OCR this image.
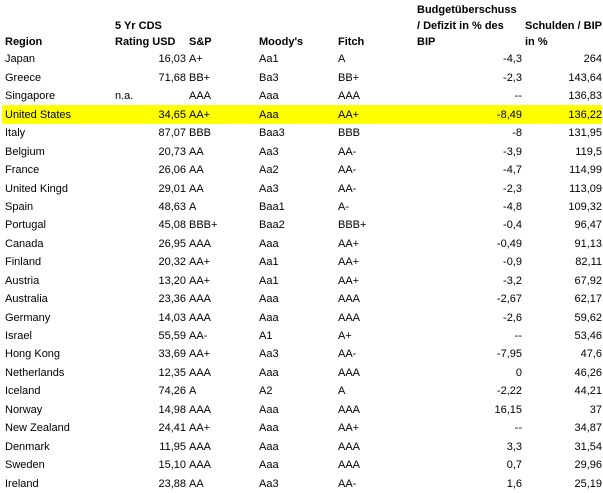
Region	5 Yr CDS Rating USD	S&P	Moody's	Fitch	Budgetüberschuss / Defizit in % des BIP	Schulden / BIP in %
Japan	16,03	A+	Aa1	A	-4,3	264
Greece	71,68	BB+	Ba3	BB+	-2,3	143,64
Singapore	n.a.	AAA	Aaa	AAA	--	136,83
United States	34,65	AA+	Aaa	AA+	-8,49	136,22
Italy	87,07	BBB	Baa3	BBB	-8	131,95
Belgium	20,73	AA	Aa3	AA-	-3,9	119,5
France	26,06	AA	Aa2	AA-	-4,7	114,99
United Kingd	29,01	AA	Aa3	AA-	-2,3	113,09
Spain	48,63	A	Baa1	A-	-4,8	109,32
Portugal	45,08	BBB+	Baa2	BBB+	-0,4	96,47
Canada	26,95	AAA	Aaa	AA+	-0,49	91,13
Finland	20,32	AA+	Aa1	AA+	-0,9	82,11
Austria	13,20	AA+	Aa1	AA+	-3,2	67,92
Australia	23,36	AAA	Aaa	AAA	-2,67	62,17
Germany	14,03	AAA	Aaa	AAA	-2,6	59,62
Israel	55,59	AA-	A1	A+	--	53,46
Hong Kong	33,69	AA+	Aa3	AA-	-7,95	47,6
Netherlands	12,35	AAA	Aaa	AAA	0	46,26
Iceland	74,26	A	A2	A	-2,22	44,21
Norway	14,98	AAA	Aaa	AAA	16,15	37
New Zealand	24,41	AA+	Aaa	AA+	--	34,87
Denmark	11,95	AAA	Aaa	AAA	3,3	31,54
Sweden	15,10	AAA	Aaa	AAA	0,7	29,96
Ireland	23,88	AA	Aa3	AA-	1,6	25,19
